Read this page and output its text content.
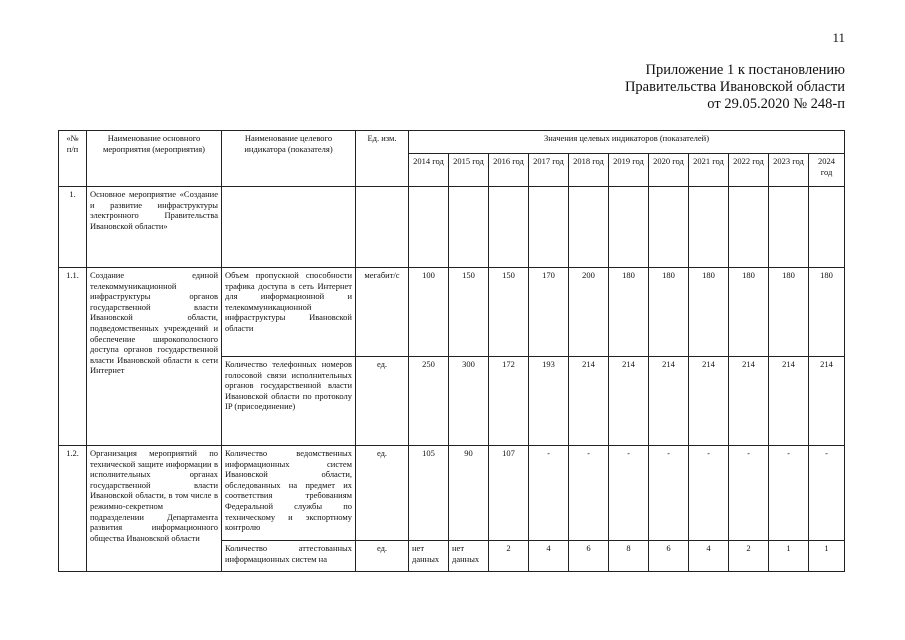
11
Приложение 1 к постановлению
Правительства Ивановской области
от 29.05.2020 № 248-п
«№ п/п	Наименование основного мероприятия (мероприятия)	Наименование целевого индикатора (показателя)	Ед. изм.	Значения целевых индикаторов (показателей)										
				2014 год	2015 год	2016 год	2017 год	2018 год	2019 год	2020 год	2021 год	2022 год	2023 год	2024 год
1.	Основное мероприятие «Создание и развитие инфраструктуры электронного Правительства Ивановской области»													
1.1.	Создание единой телекоммуникационной инфраструктуры органов государственной власти Ивановской области, подведомственных учреждений и обеспечение широкополосного доступа органов государственной власти Ивановской области к сети Интернет	Объем пропускной способности трафика доступа в сеть Интернет для информационной и телекоммуникационной инфраструктуры Ивановской области	мегабит/с	100	150	150	170	200	180	180	180	180	180	180
		Количество телефонных номеров голосовой связи исполнительных органов государственной власти Ивановской области по протоколу IP (присоединение)	ед.	250	300	172	193	214	214	214	214	214	214	214
1.2.	Организация мероприятий по технической защите информации в исполнительных органах государственной власти Ивановской области, в том числе в режимно-секретном подразделении Департамента развития информационного общества Ивановской области	Количество ведомственных информационных систем Ивановской области, обследованных на предмет их соответствия требованиям Федеральной службы по техническому и экспортному контролю	ед.	105	90	107	-	-	-	-	-	-	-	-
		Количество аттестованных информационных систем на	ед.	нет данных	нет данных	2	4	6	8	6	4	2	1	1
